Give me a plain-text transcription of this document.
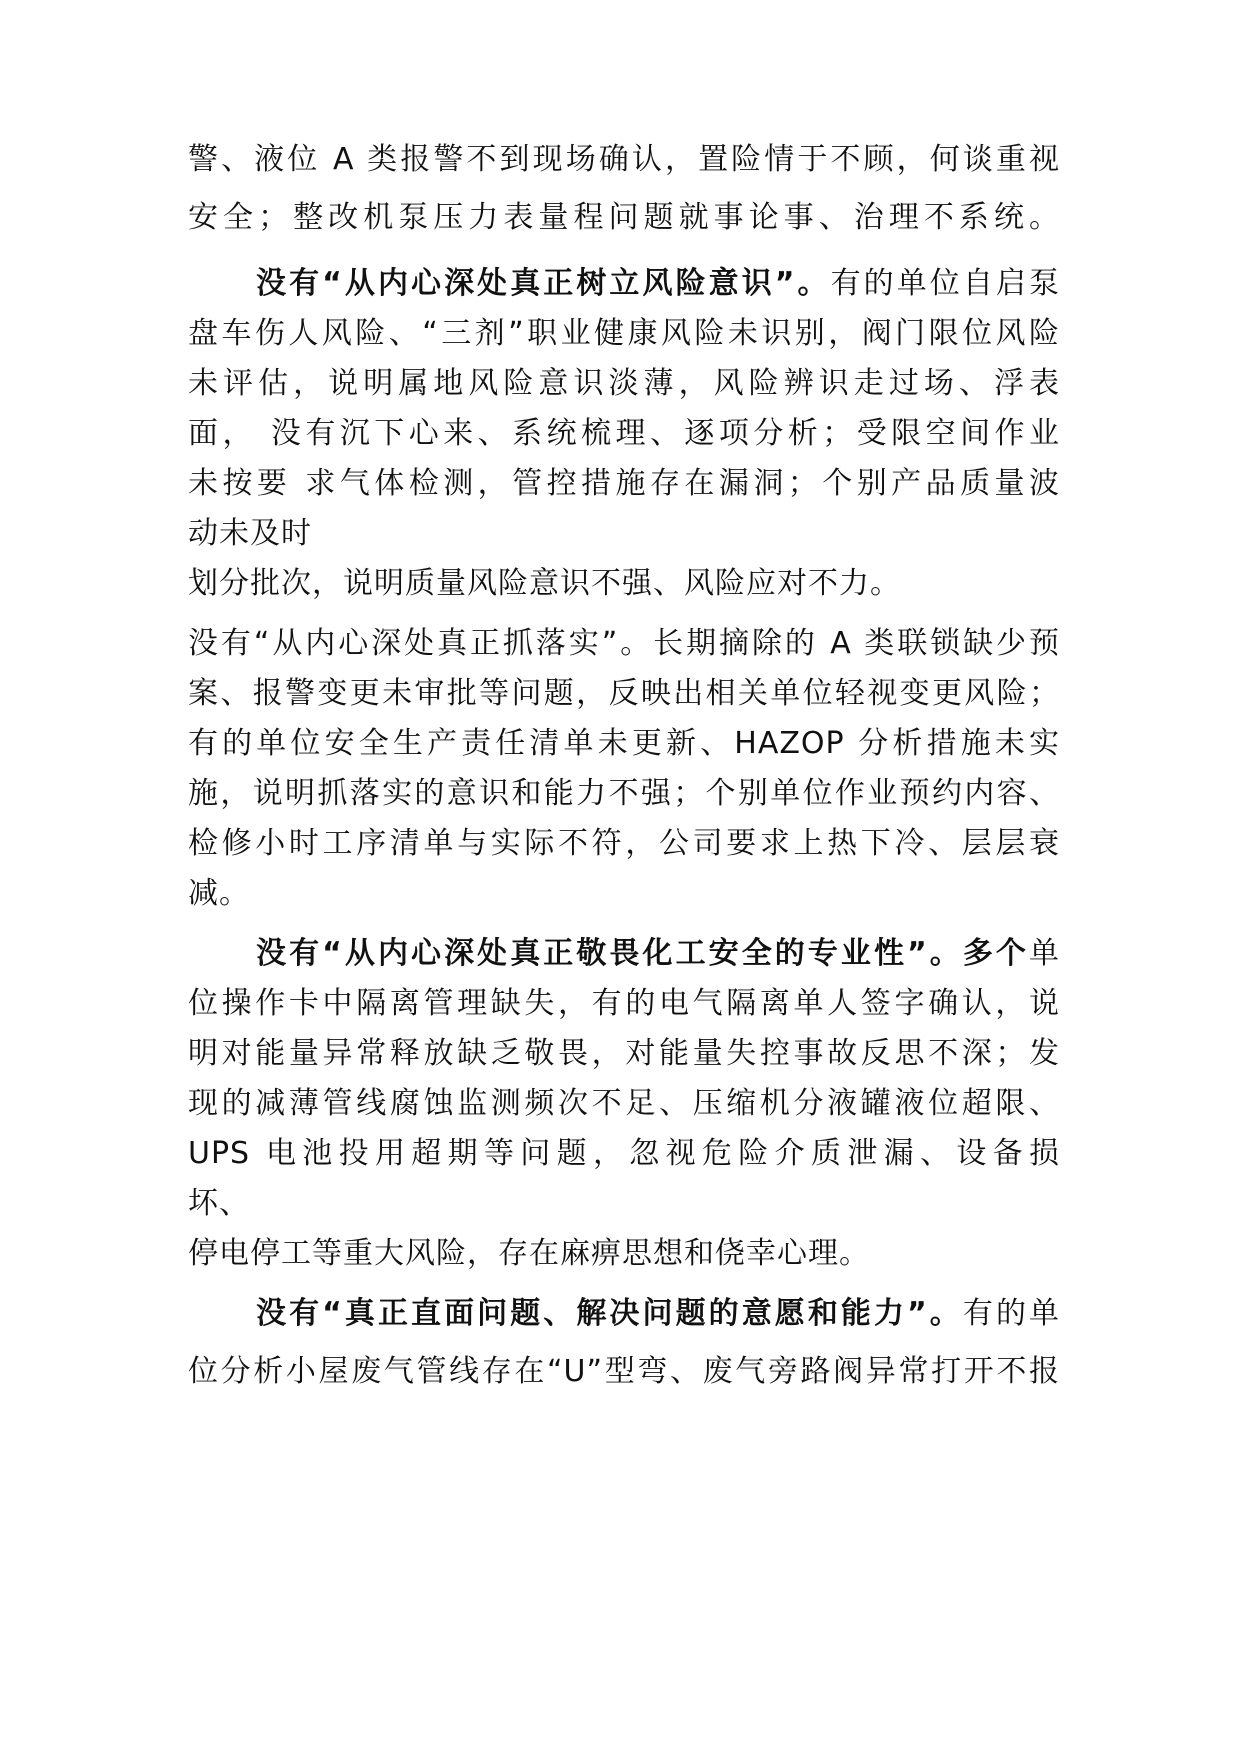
警、液位 A 类报警不到现场确认，置险情于不顾，何谈重视
安全；整改机泵压力表量程问题就事论事、治理不系统。
没有“从内心深处真正树立风险意识”。有的单位自启泵
盘车伤人风险、“三剂”职业健康风险未识别，阀门限位风险
未评估，说明属地风险意识淡薄，风险辨识走过场、浮表
面， 没有沉下心来、系统梳理、逐项分析；受限空间作业
未按要 求气体检测，管控措施存在漏洞；个别产品质量波
动未及时
划分批次，说明质量风险意识不强、风险应对不力。
没有“从内心深处真正抓落实”。长期摘除的 A 类联锁缺少预
案、报警变更未审批等问题，反映出相关单位轻视变更风险；
有的单位安全生产责任清单未更新、HAZOP 分析措施未实
施，说明抓落实的意识和能力不强；个别单位作业预约内容、
检修小时工序清单与实际不符，公司要求上热下冷、层层衰
减。
没有“从内心深处真正敬畏化工安全的专业性”。多个单
位操作卡中隔离管理缺失，有的电气隔离单人签字确认，说
明对能量异常释放缺乏敬畏，对能量失控事故反思不深；发
现的减薄管线腐蚀监测频次不足、压缩机分液罐液位超限、
UPS 电池投用超期等问题，忽视危险介质泄漏、设备损
坏、
停电停工等重大风险，存在麻痹思想和侥幸心理。
没有“真正直面问题、解决问题的意愿和能力”。有的单
位分析小屋废气管线存在“U”型弯、废气旁路阀异常打开不报
